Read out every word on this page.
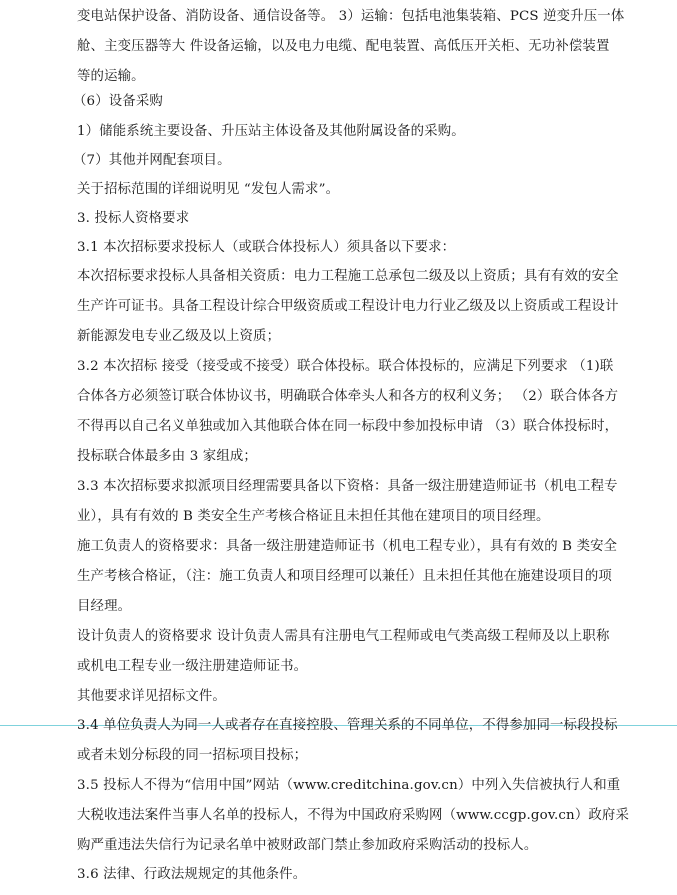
变电站保护设备、消防设备、通信设备等。 3）运输：包括电池集装箱、PCS 逆变升压一体
舱、主变压器等大 件设备运输，以及电力电缆、配电装置、高低压开关柜、无功补偿装置
等的运输。
（6）设备采购
1）储能系统主要设备、升压站主体设备及其他附属设备的采购。
（7）其他并网配套项目。
关于招标范围的详细说明见 “发包人需求”。
3. 投标人资格要求
3.1 本次招标要求投标人（或联合体投标人）须具备以下要求：
本次招标要求投标人具备相关资质：电力工程施工总承包二级及以上资质；具有有效的安全
生产许可证书。具备工程设计综合甲级资质或工程设计电力行业乙级及以上资质或工程设计
新能源发电专业乙级及以上资质；
3.2 本次招标 接受（接受或不接受）联合体投标。联合体投标的，应满足下列要求 （1)联
合体各方必须签订联合体协议书，明确联合体牵头人和各方的权利义务； （2）联合体各方
不得再以自己名义单独或加入其他联合体在同一标段中参加投标申请 （3）联合体投标时，
投标联合体最多由 3 家组成；
3.3 本次招标要求拟派项目经理需要具备以下资格：具备一级注册建造师证书（机电工程专
业），具有有效的 B 类安全生产考核合格证且未担任其他在建项目的项目经理。
施工负责人的资格要求：具备一级注册建造师证书（机电工程专业），具有有效的 B 类安全
生产考核合格证，（注：施工负责人和项目经理可以兼任）且未担任其他在施建设项目的项
目经理。
设计负责人的资格要求 设计负责人需具有注册电气工程师或电气类高级工程师及以上职称
或机电工程专业一级注册建造师证书。
其他要求详见招标文件。
3.4 单位负责人为同一人或者存在直接控股、管理关系的不同单位，不得参加同一标段投标
或者未划分标段的同一招标项目投标；
3.5 投标人不得为“信用中国”网站（www.creditchina.gov.cn）中列入失信被执行人和重
大税收违法案件当事人名单的投标人，不得为中国政府采购网（www.ccgp.gov.cn）政府采
购严重违法失信行为记录名单中被财政部门禁止参加政府采购活动的投标人。
3.6 法律、行政法规规定的其他条件。
